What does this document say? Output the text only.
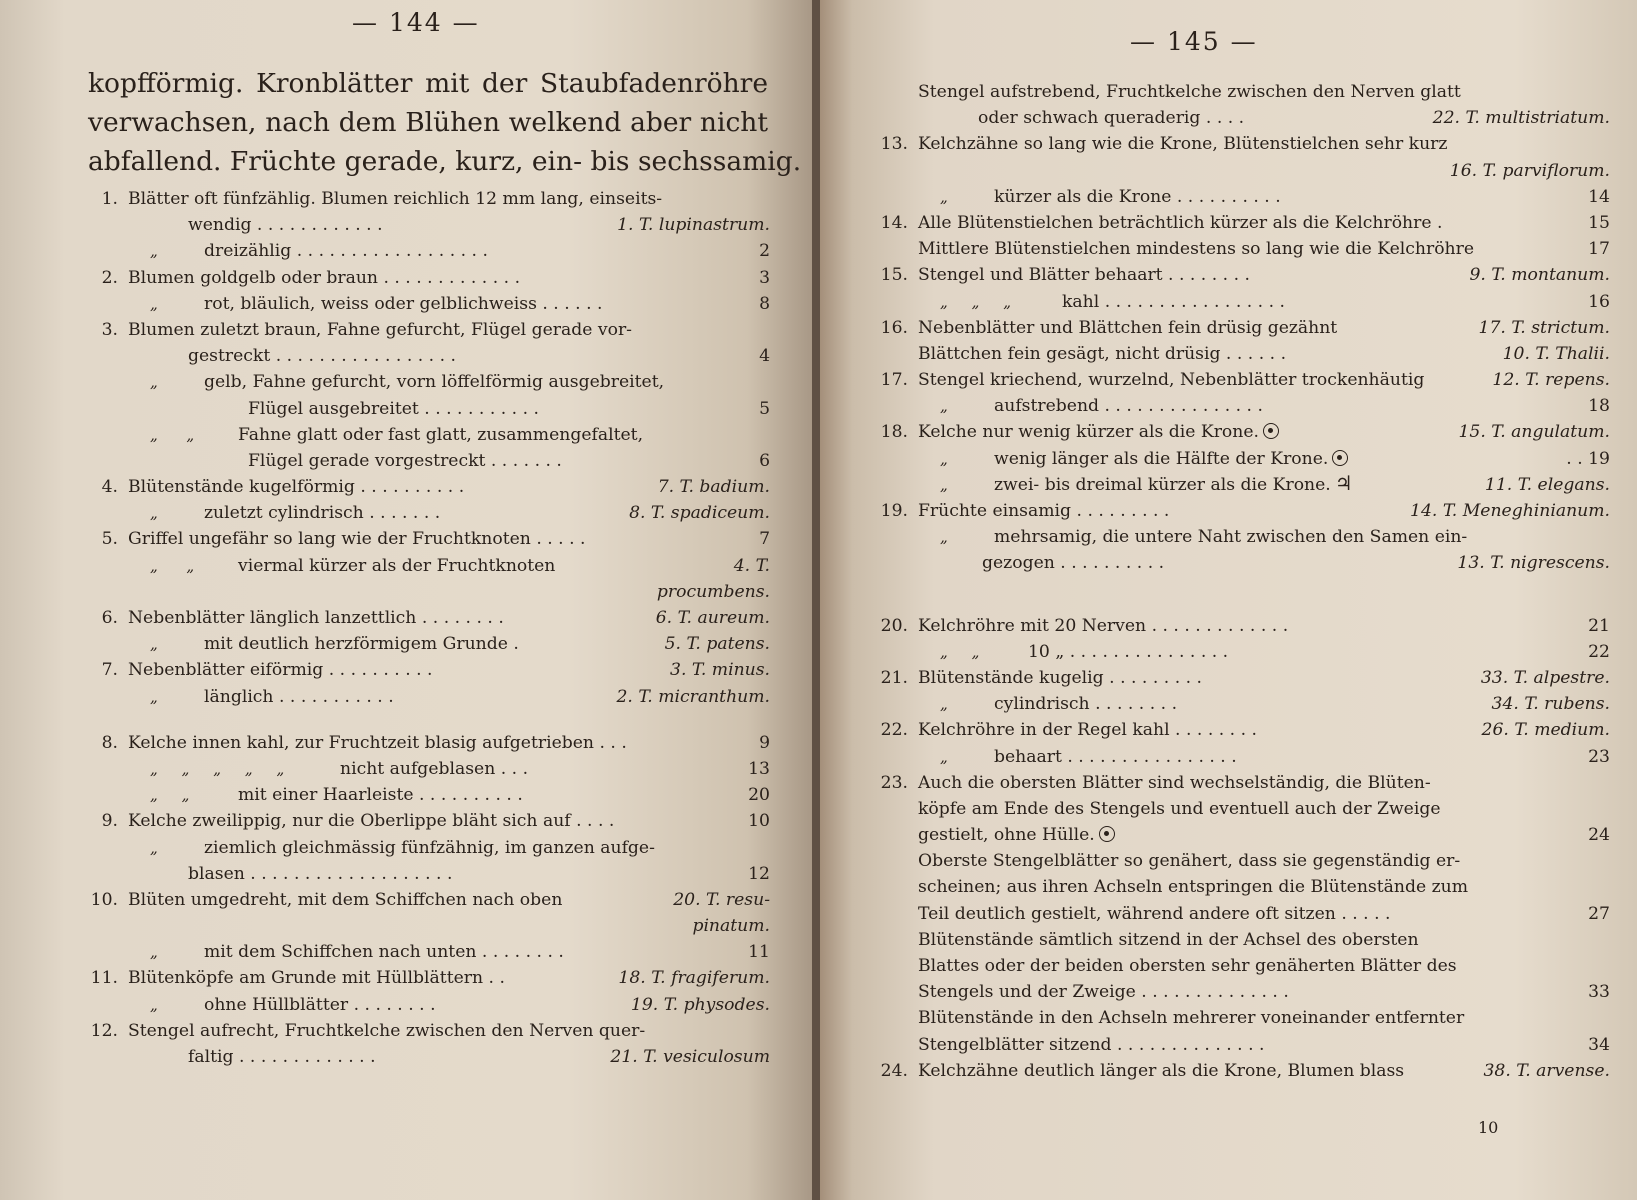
— 144 —
kopfförmig. Kronblätter mit der Staubfadenröhre
verwachsen, nach dem Blühen welkend aber nicht
abfallend. Früchte gerade, kurz, ein- bis sechssamig.
1. Blätter oft fünfzählig. Blumen reichlich 12 mm lang, einseits-
wendig . . . . . . . . . . . .	1. T. lupinastrum.
„	dreizählig . . . . . . . . . . . . . . . . . .	2
2. Blumen goldgelb oder braun . . . . . . . . . . . . .	3
„	rot, bläulich, weiss oder gelblichweiss . . . . . .	8
3. Blumen zuletzt braun, Fahne gefurcht, Flügel gerade vor-
gestreckt . . . . . . . . . . . . . . . . .	4
„	gelb, Fahne gefurcht, vorn löffelförmig ausgebreitet,
Flügel ausgebreitet . . . . . . . . . . .	5
„      „	Fahne glatt oder fast glatt, zusammengefaltet,
Flügel gerade vorgestreckt . . . . . . .	6
4. Blütenstände kugelförmig . . . . . . . . . .	7. T. badium.
„	zuletzt cylindrisch . . . . . . .	8. T. spadiceum.
5. Griffel ungefähr so lang wie der Fruchtknoten . . . . .	7
„      „	viermal kürzer als der Fruchtknoten	4. T.
procumbens.
6. Nebenblätter länglich lanzettlich . . . . . . . .	6. T. aureum.
„	mit deutlich herzförmigem Grunde .	5. T. patens.
7. Nebenblätter eiförmig . . . . . . . . . .	3. T. minus.
„	länglich . . . . . . . . . . .	2. T. micranthum.
8. Kelche innen kahl, zur Fruchtzeit blasig aufgetrieben . . .	9
„     „     „     „     „	nicht aufgeblasen . . .	13
„     „	mit einer Haarleiste . . . . . . . . . .	20
9. Kelche zweilippig, nur die Oberlippe bläht sich auf . . . .	10
„	ziemlich gleichmässig fünfzähnig, im ganzen aufge-
blasen . . . . . . . . . . . . . . . . . . .	12
10. Blüten umgedreht, mit dem Schiffchen nach oben	20. T. resu-
pinatum.
„	mit dem Schiffchen nach unten . . . . . . . .	11
11. Blütenköpfe am Grunde mit Hüllblättern . .	18. T. fragiferum.
„	ohne Hüllblätter . . . . . . . .	19. T. physodes.
12. Stengel aufrecht, Fruchtkelche zwischen den Nerven quer-
faltig . . . . . . . . . . . . .	21. T. vesiculosum
— 145 —
Stengel aufstrebend, Fruchtkelche zwischen den Nerven glatt
oder schwach queraderig . . . .	22. T. multistriatum.
13. Kelchzähne so lang wie die Krone, Blütenstielchen sehr kurz
16. T. parviflorum.
„	kürzer als die Krone . . . . . . . . . .	14
14. Alle Blütenstielchen beträchtlich kürzer als die Kelchröhre .	15
Mittlere Blütenstielchen mindestens so lang wie die Kelchröhre	17
15. Stengel und Blätter behaart . . . . . . . .	9. T. montanum.
„     „     „	kahl . . . . . . . . . . . . . . . . .	16
16. Nebenblätter und Blättchen fein drüsig gezähnt	17. T. strictum.
Blättchen fein gesägt, nicht drüsig . . . . . .	10. T. Thalii.
17. Stengel kriechend, wurzelnd, Nebenblätter trockenhäutig	12. T. repens.
„	aufstrebend . . . . . . . . . . . . . . .	18
18. Kelche nur wenig kürzer als die Krone.	15. T. angulatum.
„	wenig länger als die Hälfte der Krone.	. . 19
„	zwei- bis dreimal kürzer als die Krone. ♃	11. T. elegans.
19. Früchte einsamig . . . . . . . . .	14. T. Meneghinianum.
„	mehrsamig, die untere Naht zwischen den Samen ein-
gezogen . . . . . . . . . .	13. T. nigrescens.
20. Kelchröhre mit 20 Nerven . . . . . . . . . . . . .	21
„     „	10 „ . . . . . . . . . . . . . . .	22
21. Blütenstände kugelig . . . . . . . . .	33. T. alpestre.
„	cylindrisch . . . . . . . .	34. T. rubens.
22. Kelchröhre in der Regel kahl . . . . . . . .	26. T. medium.
„	behaart . . . . . . . . . . . . . . . .	23
23. Auch die obersten Blätter sind wechselständig, die Blüten-
köpfe am Ende des Stengels und eventuell auch der Zweige
gestielt, ohne Hülle.	24
Oberste Stengelblätter so genähert, dass sie gegenständig er-
scheinen; aus ihren Achseln entspringen die Blütenstände zum
Teil deutlich gestielt, während andere oft sitzen . . . . .	27
Blütenstände sämtlich sitzend in der Achsel des obersten
Blattes oder der beiden obersten sehr genäherten Blätter des
Stengels und der Zweige . . . . . . . . . . . . . .	33
Blütenstände in den Achseln mehrerer voneinander entfernter
Stengelblätter sitzend . . . . . . . . . . . . . .	34
24. Kelchzähne deutlich länger als die Krone, Blumen blass	38. T. arvense.
10
